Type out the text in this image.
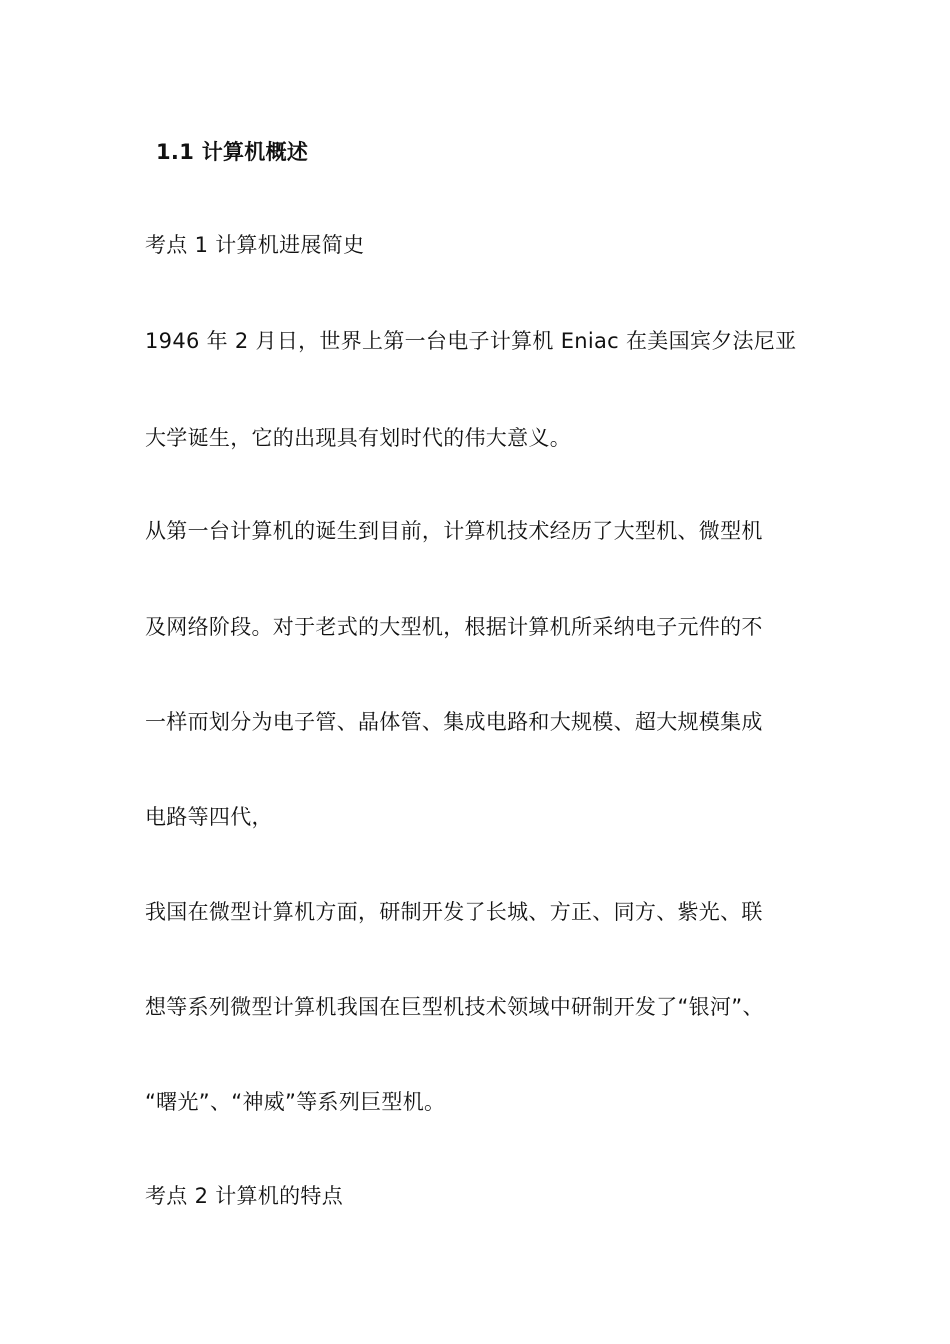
1.1 计算机概述
考点 1 计算机进展简史
1946 年 2 月日，世界上第一台电子计算机 Eniac 在美国宾夕法尼亚
大学诞生，它的出现具有划时代的伟大意义。
从第一台计算机的诞生到目前，计算机技术经历了大型机、微型机
及网络阶段。对于老式的大型机，根据计算机所采纳电子元件的不
一样而划分为电子管、晶体管、集成电路和大规模、超大规模集成
电路等四代，
我国在微型计算机方面，研制开发了长城、方正、同方、紫光、联
想等系列微型计算机我国在巨型机技术领域中研制开发了“银河”、
“曙光”、“神威”等系列巨型机。
考点 2 计算机的特点
